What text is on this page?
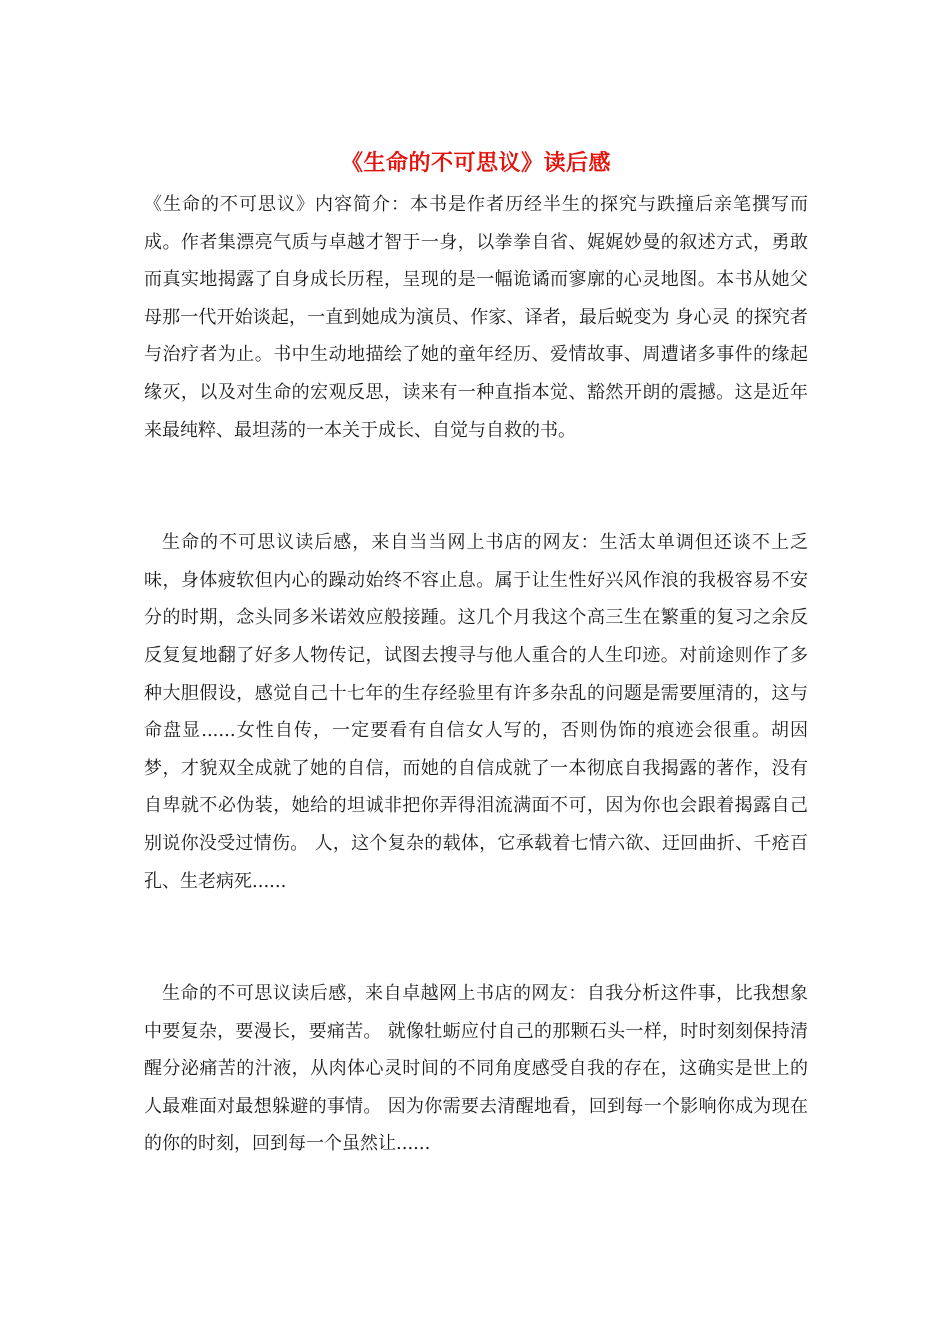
《生命的不可思议》读后感

《生命的不可思议》内容简介：本书是作者历经半生的探究与跌撞后亲笔撰写而成。作者集漂亮气质与卓越才智于一身，以拳拳自省、娓娓妙曼的叙述方式，勇敢而真实地揭露了自身成长历程，呈现的是一幅诡谲而寥廓的心灵地图。本书从她父母那一代开始谈起，一直到她成为演员、作家、译者，最后蜕变为 身心灵 的探究者与治疗者为止。书中生动地描绘了她的童年经历、爱情故事、周遭诸多事件的缘起缘灭，以及对生命的宏观反思，读来有一种直指本觉、豁然开朗的震撼。这是近年来最纯粹、最坦荡的一本关于成长、自觉与自救的书。

生命的不可思议读后感，来自当当网上书店的网友：生活太单调但还谈不上乏味，身体疲软但内心的躁动始终不容止息。属于让生性好兴风作浪的我极容易不安分的时期，念头同多米诺效应般接踵。这几个月我这个高三生在繁重的复习之余反反复复地翻了好多人物传记，试图去搜寻与他人重合的人生印迹。对前途则作了多种大胆假设，感觉自己十七年的生存经验里有许多杂乱的问题是需要厘清的，这与命盘显......女性自传，一定要看有自信女人写的，否则伪饰的痕迹会很重。胡因梦，才貌双全成就了她的自信，而她的自信成就了一本彻底自我揭露的著作，没有自卑就不必伪装，她给的坦诚非把你弄得泪流满面不可，因为你也会跟着揭露自己 别说你没受过情伤。 人，这个复杂的载体，它承载着七情六欲、迂回曲折、千疮百孔、生老病死......

生命的不可思议读后感，来自卓越网上书店的网友：自我分析这件事，比我想象中要复杂，要漫长，要痛苦。 就像牡蛎应付自己的那颗石头一样，时时刻刻保持清醒分泌痛苦的汁液，从肉体心灵时间的不同角度感受自我的存在，这确实是世上的人最难面对最想躲避的事情。 因为你需要去清醒地看，回到每一个影响你成为现在的你的时刻，回到每一个虽然让......
